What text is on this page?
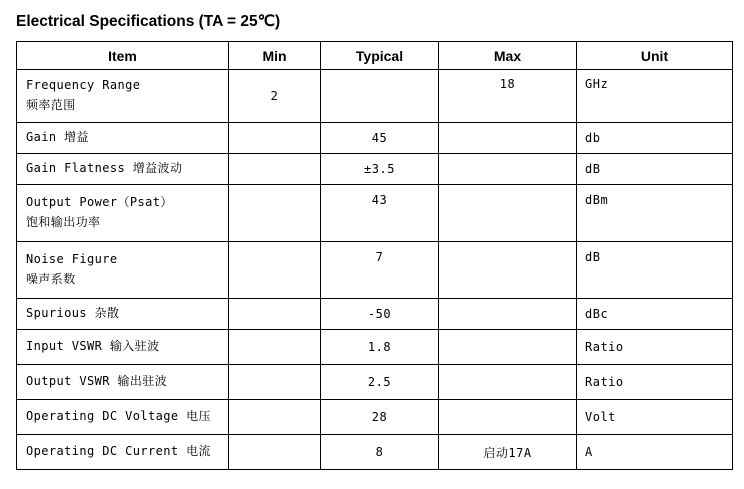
Electrical Specifications (TA = 25℃)
Item	Min	Typical	Max	Unit

Frequency Range
频率范围	2		18	GHz

Gain 增益		45		db

Gain Flatness 增益波动		±3.5		dB

Output Power（Psat）
饱和输出功率		43		dBm

Noise Figure
噪声系数		7		dB

Spurious 杂散		-50		dBc

Input VSWR 输入驻波		1.8		Ratio

Output VSWR 输出驻波		2.5		Ratio

Operating DC Voltage 电压		28		Volt

Operating DC Current 电流		8	启动17A	A
